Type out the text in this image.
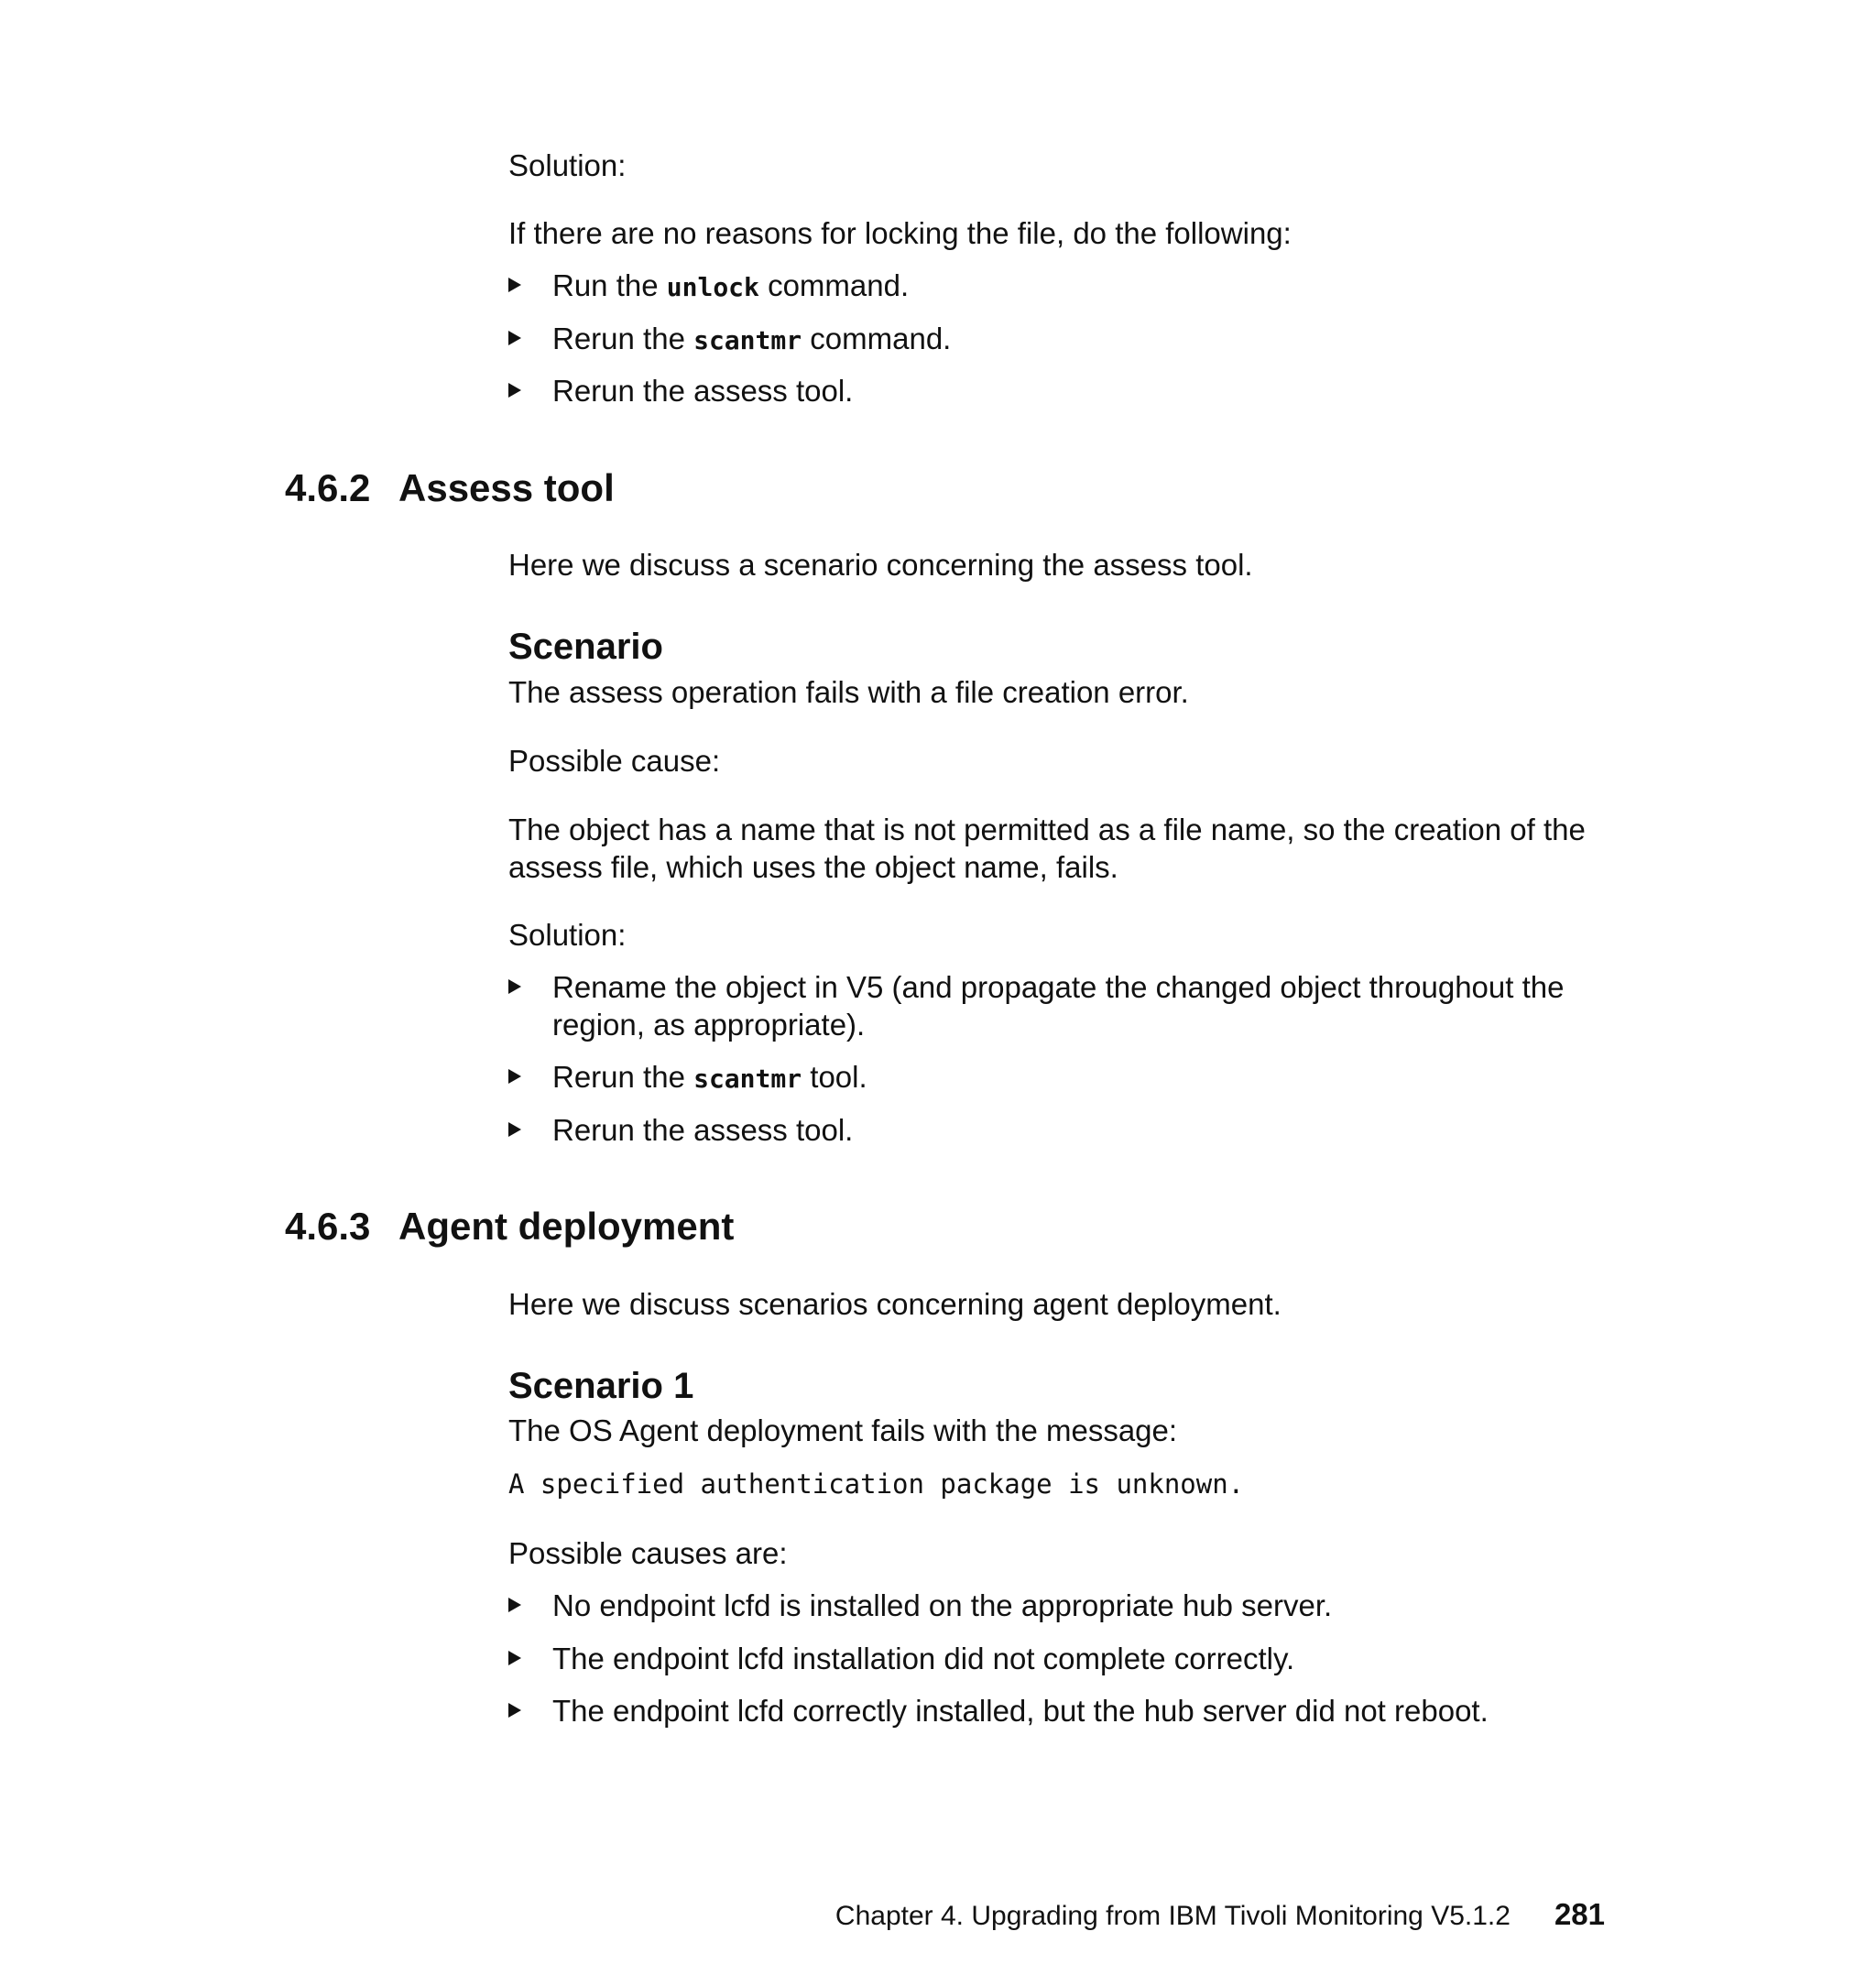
Solution:
If there are no reasons for locking the file, do the following:
Run the unlock command.
Rerun the scantmr command.
Rerun the assess tool.
4.6.2 Assess tool
Here we discuss a scenario concerning the assess tool.
Scenario
The assess operation fails with a file creation error.
Possible cause:
The object has a name that is not permitted as a file name, so the creation of the assess file, which uses the object name, fails.
Solution:
Rename the object in V5 (and propagate the changed object throughout the region, as appropriate).
Rerun the scantmr tool.
Rerun the assess tool.
4.6.3 Agent deployment
Here we discuss scenarios concerning agent deployment.
Scenario 1
The OS Agent deployment fails with the message:
A specified authentication package is unknown.
Possible causes are:
No endpoint lcfd is installed on the appropriate hub server.
The endpoint lcfd installation did not complete correctly.
The endpoint lcfd correctly installed, but the hub server did not reboot.
Chapter 4. Upgrading from IBM Tivoli Monitoring V5.1.2 281
